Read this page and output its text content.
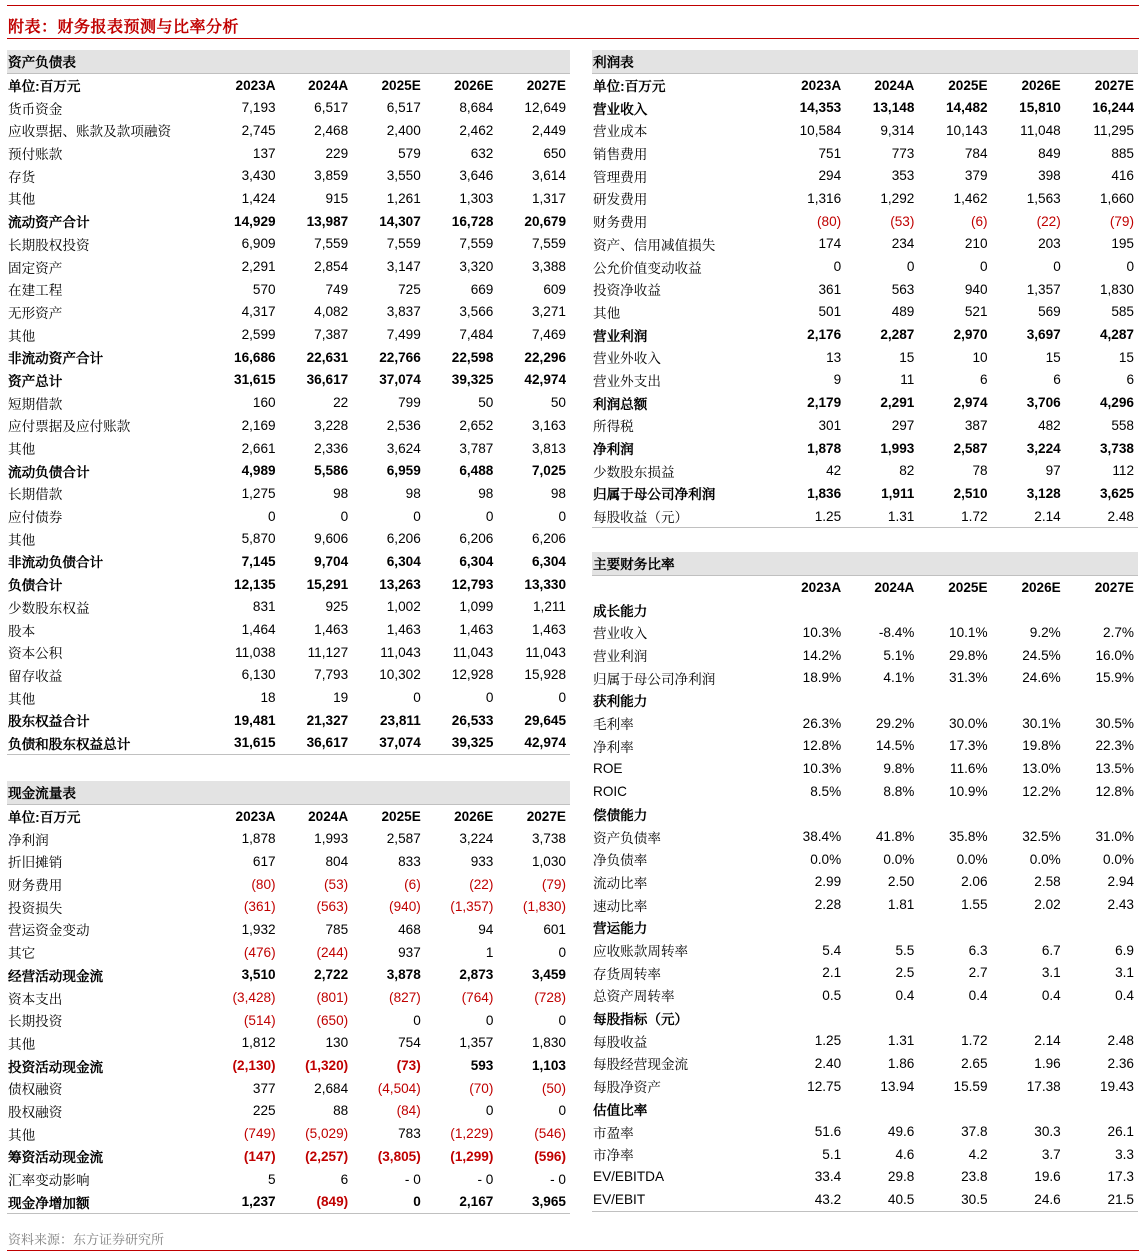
附表：财务报表预测与比率分析
资产负债表					
单位:百万元	2023A	2024A	2025E	2026E	2027E
货币资金	7,193	6,517	6,517	8,684	12,649
应收票据、账款及款项融资	2,745	2,468	2,400	2,462	2,449
预付账款	137	229	579	632	650
存货	3,430	3,859	3,550	3,646	3,614
其他	1,424	915	1,261	1,303	1,317
流动资产合计	14,929	13,987	14,307	16,728	20,679
长期股权投资	6,909	7,559	7,559	7,559	7,559
固定资产	2,291	2,854	3,147	3,320	3,388
在建工程	570	749	725	669	609
无形资产	4,317	4,082	3,837	3,566	3,271
其他	2,599	7,387	7,499	7,484	7,469
非流动资产合计	16,686	22,631	22,766	22,598	22,296
资产总计	31,615	36,617	37,074	39,325	42,974
短期借款	160	22	799	50	50
应付票据及应付账款	2,169	3,228	2,536	2,652	3,163
其他	2,661	2,336	3,624	3,787	3,813
流动负债合计	4,989	5,586	6,959	6,488	7,025
长期借款	1,275	98	98	98	98
应付债券	0	0	0	0	0
其他	5,870	9,606	6,206	6,206	6,206
非流动负债合计	7,145	9,704	6,304	6,304	6,304
负债合计	12,135	15,291	13,263	12,793	13,330
少数股东权益	831	925	1,002	1,099	1,211
股本	1,464	1,463	1,463	1,463	1,463
资本公积	11,038	11,127	11,043	11,043	11,043
留存收益	6,130	7,793	10,302	12,928	15,928
其他	18	19	0	0	0
股东权益合计	19,481	21,327	23,811	26,533	29,645
负债和股东权益总计	31,615	36,617	37,074	39,325	42,974
现金流量表					
单位:百万元	2023A	2024A	2025E	2026E	2027E
净利润	1,878	1,993	2,587	3,224	3,738
折旧摊销	617	804	833	933	1,030
财务费用	(80)	(53)	(6)	(22)	(79)
投资损失	(361)	(563)	(940)	(1,357)	(1,830)
营运资金变动	1,932	785	468	94	601
其它	(476)	(244)	937	1	0
经营活动现金流	3,510	2,722	3,878	2,873	3,459
资本支出	(3,428)	(801)	(827)	(764)	(728)
长期投资	(514)	(650)	0	0	0
其他	1,812	130	754	1,357	1,830
投资活动现金流	(2,130)	(1,320)	(73)	593	1,103
债权融资	377	2,684	(4,504)	(70)	(50)
股权融资	225	88	(84)	0	0
其他	(749)	(5,029)	783	(1,229)	(546)
筹资活动现金流	(147)	(2,257)	(3,805)	(1,299)	(596)
汇率变动影响	5	6	- 0	- 0	- 0
现金净增加额	1,237	(849)	0	2,167	3,965
利润表					
单位:百万元	2023A	2024A	2025E	2026E	2027E
营业收入	14,353	13,148	14,482	15,810	16,244
营业成本	10,584	9,314	10,143	11,048	11,295
销售费用	751	773	784	849	885
管理费用	294	353	379	398	416
研发费用	1,316	1,292	1,462	1,563	1,660
财务费用	(80)	(53)	(6)	(22)	(79)
资产、信用减值损失	174	234	210	203	195
公允价值变动收益	0	0	0	0	0
投资净收益	361	563	940	1,357	1,830
其他	501	489	521	569	585
营业利润	2,176	2,287	2,970	3,697	4,287
营业外收入	13	15	10	15	15
营业外支出	9	11	6	6	6
利润总额	2,179	2,291	2,974	3,706	4,296
所得税	301	297	387	482	558
净利润	1,878	1,993	2,587	3,224	3,738
少数股东损益	42	82	78	97	112
归属于母公司净利润	1,836	1,911	2,510	3,128	3,625
每股收益（元）	1.25	1.31	1.72	2.14	2.48
主要财务比率					
	2023A	2024A	2025E	2026E	2027E
成长能力					
营业收入	10.3%	-8.4%	10.1%	9.2%	2.7%
营业利润	14.2%	5.1%	29.8%	24.5%	16.0%
归属于母公司净利润	18.9%	4.1%	31.3%	24.6%	15.9%
获利能力					
毛利率	26.3%	29.2%	30.0%	30.1%	30.5%
净利率	12.8%	14.5%	17.3%	19.8%	22.3%
ROE	10.3%	9.8%	11.6%	13.0%	13.5%
ROIC	8.5%	8.8%	10.9%	12.2%	12.8%
偿债能力					
资产负债率	38.4%	41.8%	35.8%	32.5%	31.0%
净负债率	0.0%	0.0%	0.0%	0.0%	0.0%
流动比率	2.99	2.50	2.06	2.58	2.94
速动比率	2.28	1.81	1.55	2.02	2.43
营运能力					
应收账款周转率	5.4	5.5	6.3	6.7	6.9
存货周转率	2.1	2.5	2.7	3.1	3.1
总资产周转率	0.5	0.4	0.4	0.4	0.4
每股指标（元）					
每股收益	1.25	1.31	1.72	2.14	2.48
每股经营现金流	2.40	1.86	2.65	1.96	2.36
每股净资产	12.75	13.94	15.59	17.38	19.43
估值比率					
市盈率	51.6	49.6	37.8	30.3	26.1
市净率	5.1	4.6	4.2	3.7	3.3
EV/EBITDA	33.4	29.8	23.8	19.6	17.3
EV/EBIT	43.2	40.5	30.5	24.6	21.5
资料来源：东方证券研究所
